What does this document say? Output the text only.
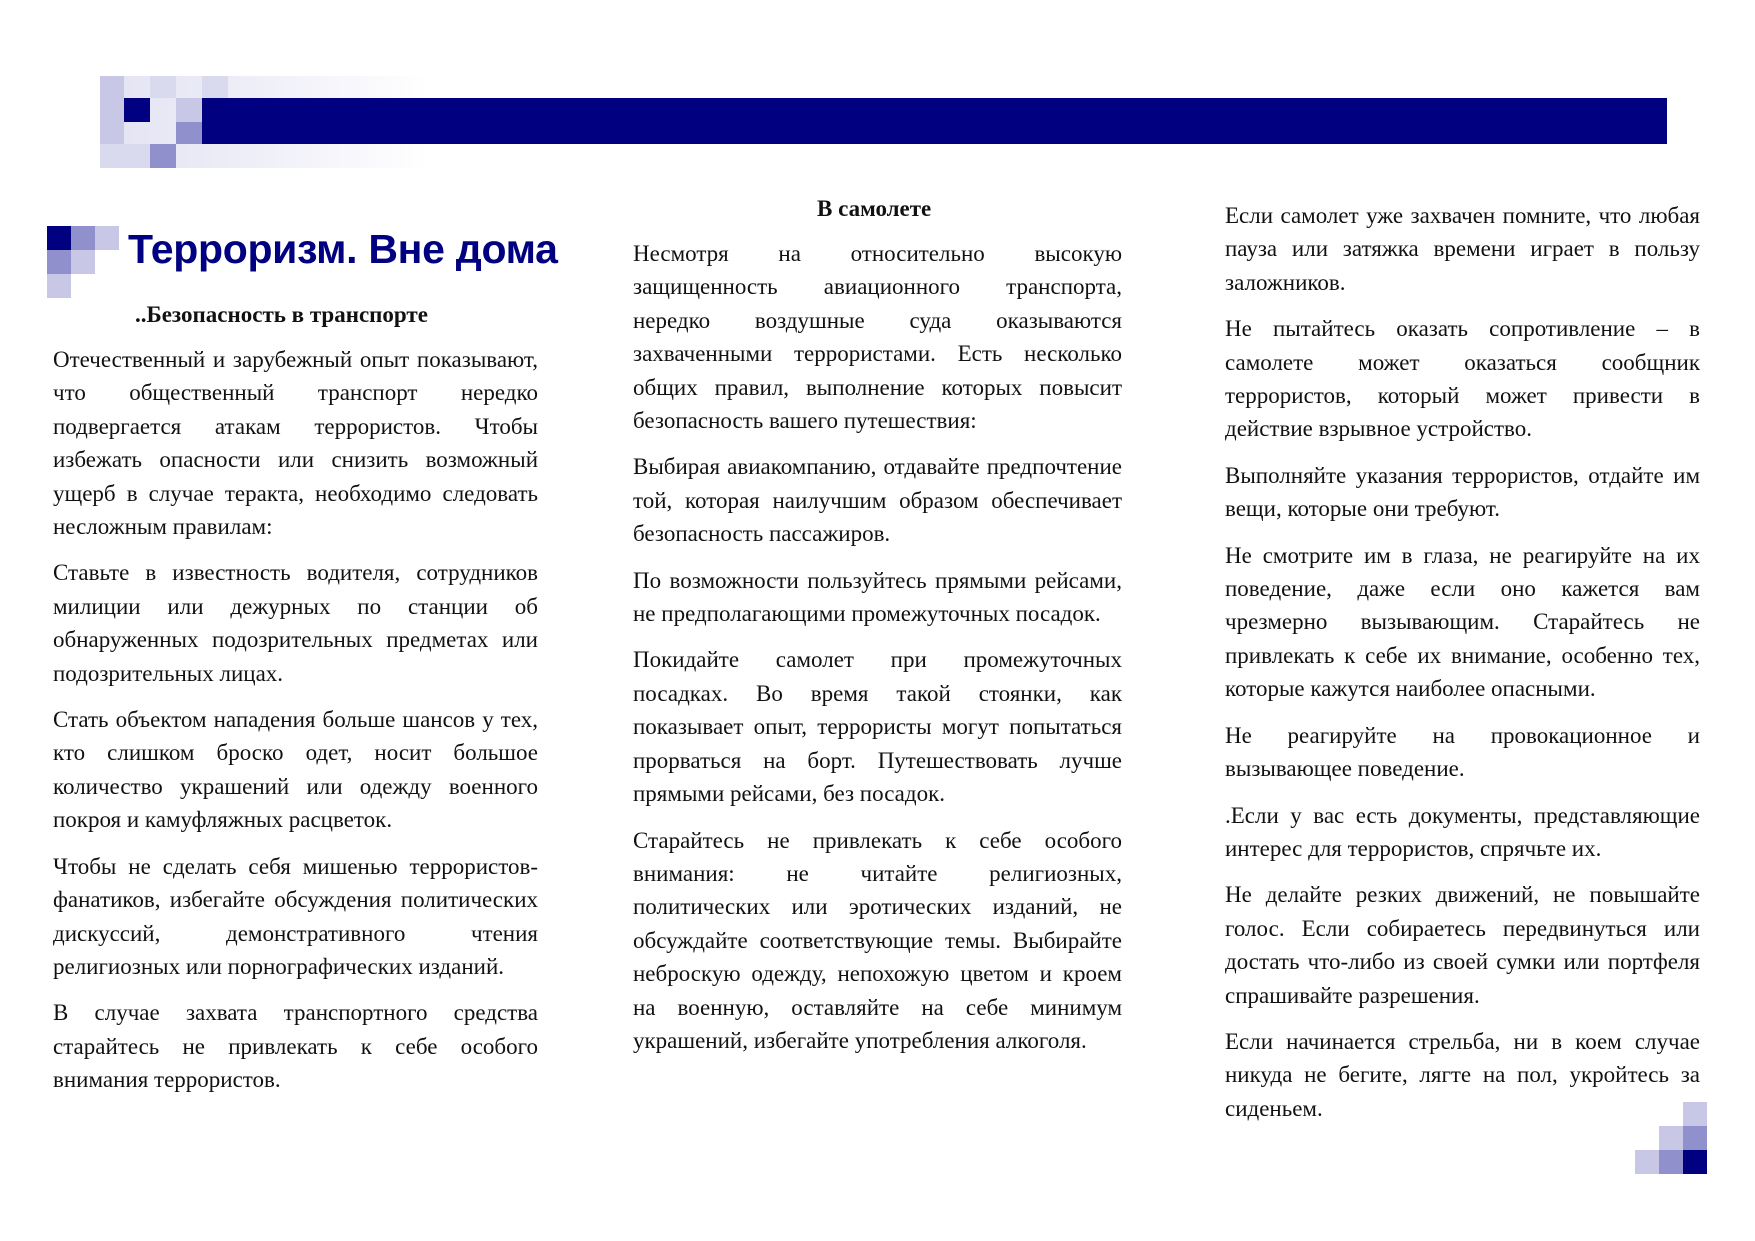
Терроризм. Вне дома
..Безопасность в транспорте
В самолете

Отечественный и зарубежный опыт показывают, что общественный транспорт нередко подвергается атакам террористов. Чтобы избежать опасности или снизить возможный ущерб в случае теракта, необходимо следовать несложным правилам:

Ставьте в известность водителя, сотрудников милиции или дежурных по станции об обнаруженных подозрительных предметах или подозрительных лицах.

Стать объектом нападения больше шансов у тех, кто слишком броско одет, носит большое количество украшений или одежду военного покроя и камуфляжных расцветок.

Чтобы не сделать себя мишенью террористов-фанатиков, избегайте обсуждения политических дискуссий, демонстративного чтения религиозных или порнографических изданий.

В случае захвата транспортного средства старайтесь не привлекать к себе особого внимания террористов.

Несмотря на относительно высокую защищенность авиационного транспорта, нередко воздушные суда оказываются захваченными террористами. Есть несколько общих правил, выполнение которых повысит безопасность вашего путешествия:

Выбирая авиакомпанию, отдавайте предпочтение той, которая наилучшим образом обеспечивает безопасность пассажиров.

По возможности пользуйтесь прямыми рейсами, не предполагающими промежуточных посадок.

Покидайте самолет при промежуточных посадках. Во время такой стоянки, как показывает опыт, террористы могут попытаться прорваться на борт. Путешествовать лучше прямыми рейсами, без посадок.

Старайтесь не привлекать к себе особого внимания: не читайте религиозных, политических или эротических изданий, не обсуждайте соответствующие темы. Выбирайте неброскую одежду, непохожую цветом и кроем на военную, оставляйте на себе минимум украшений, избегайте употребления алкоголя.

Если самолет уже захвачен помните, что любая пауза или затяжка времени играет в пользу заложников.

Не пытайтесь оказать сопротивление – в самолете может оказаться сообщник террористов, который может привести в действие взрывное устройство.

Выполняйте указания террористов, отдайте им вещи, которые они требуют.

Не смотрите им в глаза, не реагируйте на их поведение, даже если оно кажется вам чрезмерно вызывающим. Старайтесь не привлекать к себе их внимание, особенно тех, которые кажутся наиболее опасными.

Не реагируйте на провокационное и вызывающее поведение.

.Если у вас есть документы, представляющие интерес для террористов, спрячьте их.

Не делайте резких движений, не повышайте голос. Если собираетесь передвинуться или достать что-либо из своей сумки или портфеля спрашивайте разрешения.

Если начинается стрельба, ни в коем случае никуда не бегите, лягте на пол, укройтесь за сиденьем.
